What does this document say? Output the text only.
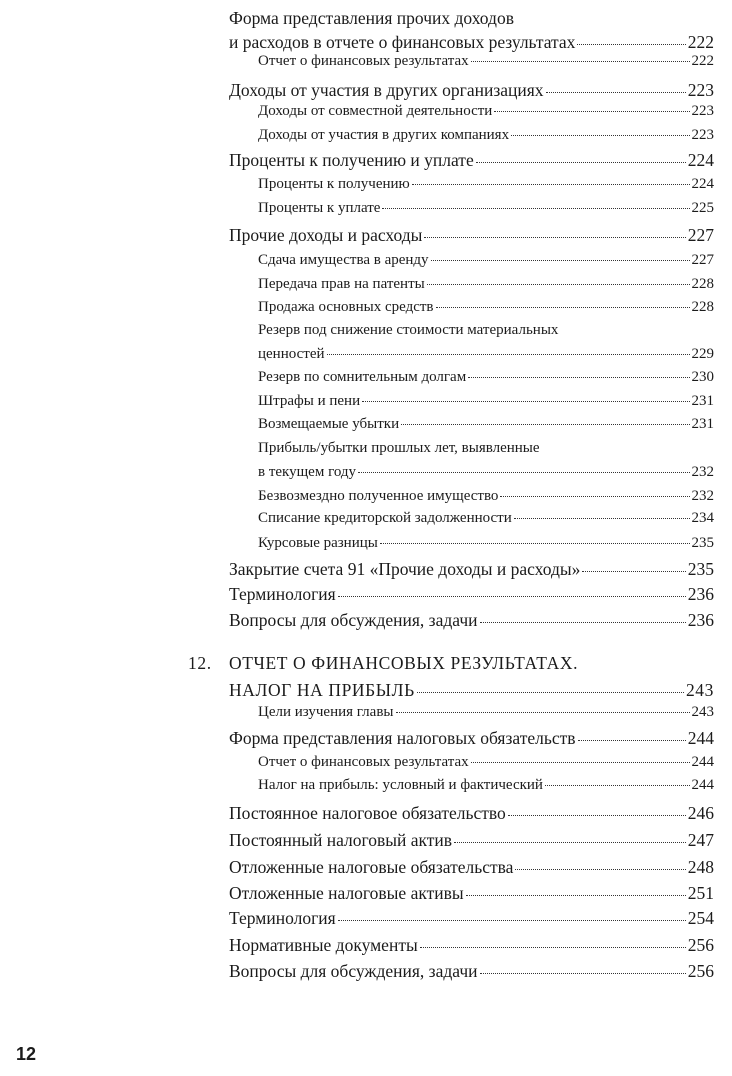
Форма представления прочих доходов
и расходов в отчете о финансовых результатах	222
Отчет о финансовых результатах	222
Доходы от участия в других организациях	223
Доходы от совместной деятельности	223
Доходы от участия в других компаниях	223
Проценты к получению и уплате	224
Проценты к получению	224
Проценты к уплате	225
Прочие доходы и расходы	227
Сдача имущества в аренду	227
Передача прав на патенты	228
Продажа основных средств	228
Резерв под снижение стоимости материальных
ценностей	229
Резерв по сомнительным долгам	230
Штрафы и пени	231
Возмещаемые убытки	231
Прибыль/убытки прошлых лет, выявленные
в текущем году	232
Безвозмездно полученное имущество	232
Списание кредиторской задолженности	234
Курсовые разницы	235
Закрытие счета 91 «Прочие доходы и расходы»	235
Терминология	236
Вопросы для обсуждения, задачи	236
12. ОТЧЕТ О ФИНАНСОВЫХ РЕЗУЛЬТАТАХ.
НАЛОГ НА ПРИБЫЛЬ	243
Цели изучения главы	243
Форма представления налоговых обязательств	244
Отчет о финансовых результатах	244
Налог на прибыль: условный и фактический	244
Постоянное налоговое обязательство	246
Постоянный налоговый актив	247
Отложенные налоговые обязательства	248
Отложенные налоговые активы	251
Терминология	254
Нормативные документы	256
Вопросы для обсуждения, задачи	256
12
